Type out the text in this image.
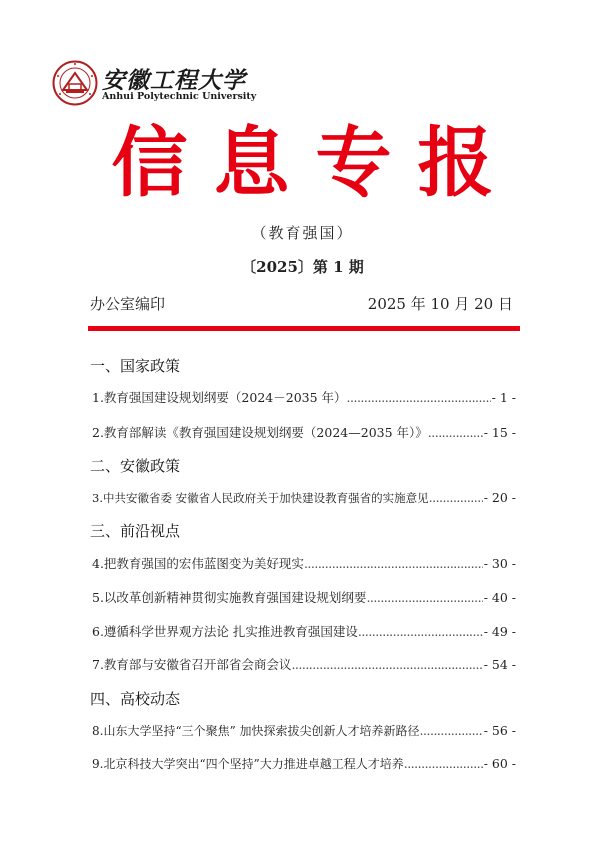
安徽工程大学
Anhui Polytechnic University
信息专报
（教育强国）
〔2025〕第 1 期
办公室编印	2025 年 10 月 20 日
一、国家政策
1.教育强国建设规划纲要（2024－2035 年）	- 1 -
.....
2.教育部解读《教育强国建设规划纲要（2024—2035 年）》	- 15 -
.....
二、安徽政策
3.中共安徽省委 安徽省人民政府关于加快建设教育强省的实施意见	- 20 -
.....
三、前沿视点
4.把教育强国的宏伟蓝图变为美好现实	- 30 -
.....
5.以改革创新精神贯彻实施教育强国建设规划纲要	- 40 -
.....
6.遵循科学世界观方法论 扎实推进教育强国建设	- 49 -
.....
7.教育部与安徽省召开部省会商会议	- 54 -
.....
四、高校动态
8.山东大学坚持“三个聚焦” 加快探索拔尖创新人才培养新路径	- 56 -
.....
9.北京科技大学突出“四个坚持”大力推进卓越工程人才培养	- 60 -
.....
